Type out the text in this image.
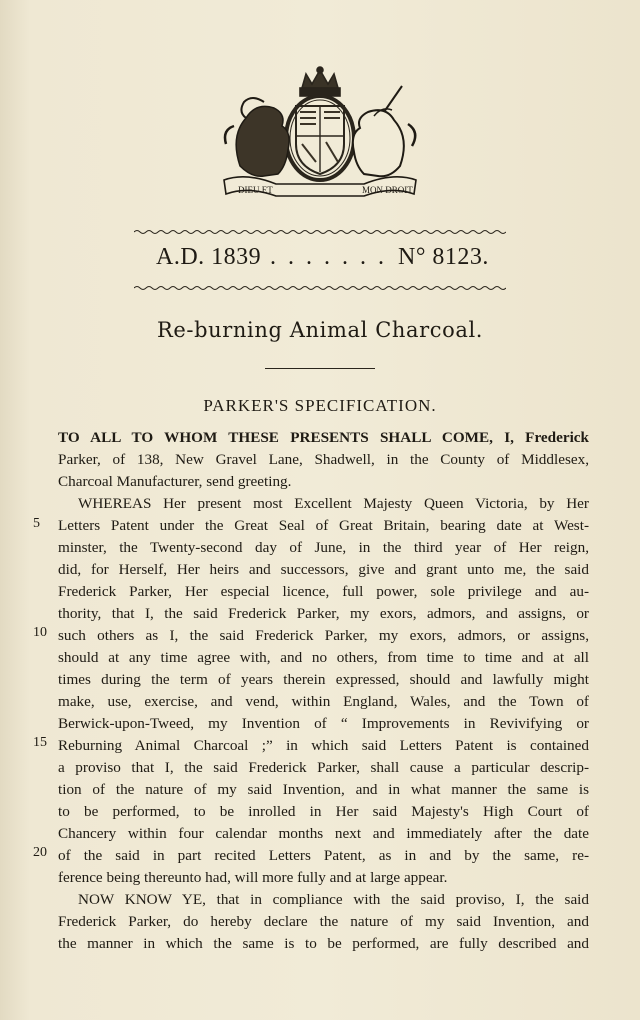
DIEU ET	MON DROIT
A.D. 1839 . . . . . . . N° 8123.
Re-burning Animal Charcoal.
PARKER'S SPECIFICATION.
TO ALL TO WHOM THESE PRESENTS SHALL COME, I, Frederick
Parker, of 138, New Gravel Lane, Shadwell, in the County of Middlesex,
Charcoal Manufacturer, send greeting.
WHEREAS Her present most Excellent Majesty Queen Victoria, by Her
Letters Patent under the Great Seal of Great Britain, bearing date at West-
minster, the Twenty-second day of June, in the third year of Her reign,
did, for Herself, Her heirs and successors, give and grant unto me, the said
Frederick Parker, Her especial licence, full power, sole privilege and au-
thority, that I, the said Frederick Parker, my exors, admors, and assigns, or
such others as I, the said Frederick Parker, my exors, admors, or assigns,
should at any time agree with, and no others, from time to time and at all
times during the term of years therein expressed, should and lawfully might
make, use, exercise, and vend, within England, Wales, and the Town of
Berwick-upon-Tweed, my Invention of “ Improvements in Revivifying or
Reburning Animal Charcoal ;” in which said Letters Patent is contained
a proviso that I, the said Frederick Parker, shall cause a particular descrip-
tion of the nature of my said Invention, and in what manner the same is
to be performed, to be inrolled in Her said Majesty's High Court of
Chancery within four calendar months next and immediately after the date
of the said in part recited Letters Patent, as in and by the same, re-
ference being thereunto had, will more fully and at large appear.
NOW KNOW YE, that in compliance with the said proviso, I, the said
Frederick Parker, do hereby declare the nature of my said Invention, and
the manner in which the same is to be performed, are fully described and
5
10
15
20
